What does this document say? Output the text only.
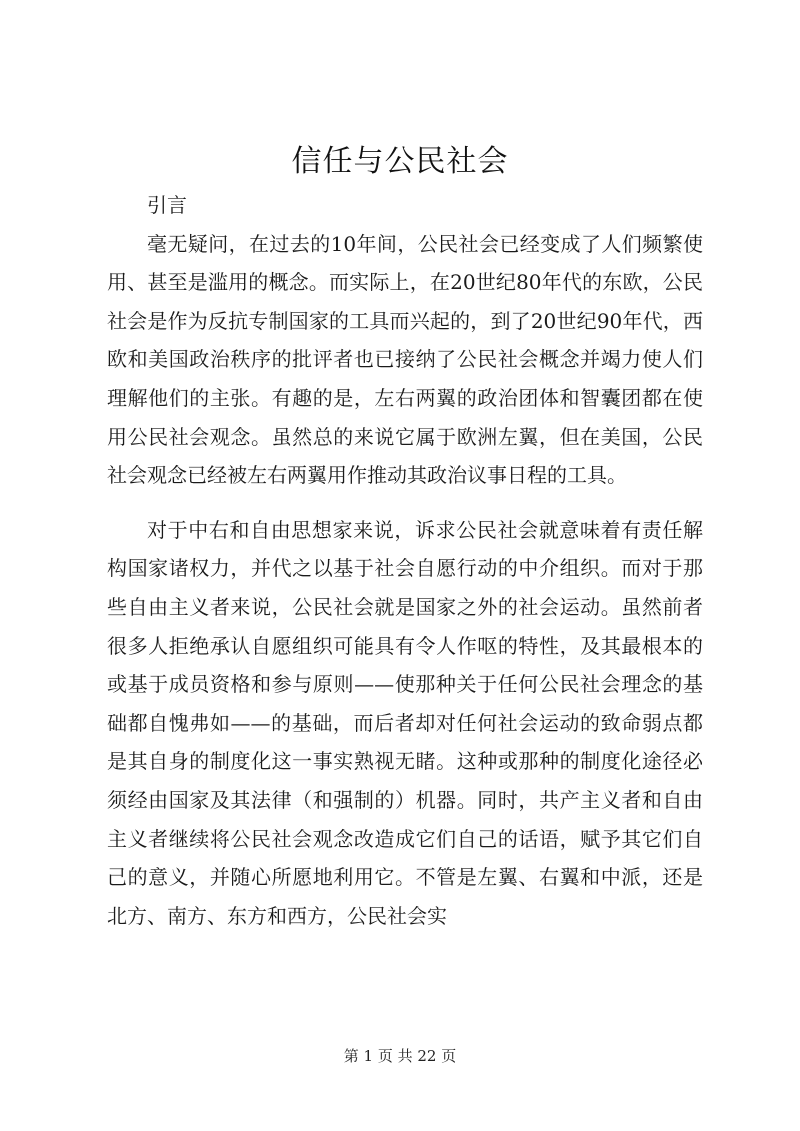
信任与公民社会

引言

毫无疑问，在过去的10年间，公民社会已经变成了人们频繁使用、甚至是滥用的概念。而实际上，在20世纪80年代的东欧，公民社会是作为反抗专制国家的工具而兴起的，到了20世纪90年代，西欧和美国政治秩序的批评者也已接纳了公民社会概念并竭力使人们理解他们的主张。有趣的是，左右两翼的政治团体和智囊团都在使用公民社会观念。虽然总的来说它属于欧洲左翼，但在美国，公民社会观念已经被左右两翼用作推动其政治议事日程的工具。

对于中右和自由思想家来说，诉求公民社会就意味着有责任解构国家诸权力，并代之以基于社会自愿行动的中介组织。而对于那些自由主义者来说，公民社会就是国家之外的社会运动。虽然前者很多人拒绝承认自愿组织可能具有令人作呕的特性，及其最根本的或基于成员资格和参与原则——使那种关于任何公民社会理念的基础都自愧弗如——的基础，而后者却对任何社会运动的致命弱点都是其自身的制度化这一事实熟视无睹。这种或那种的制度化途径必须经由国家及其法律（和强制的）机器。同时，共产主义者和自由主义者继续将公民社会观念改造成它们自己的话语，赋予其它们自己的意义，并随心所愿地利用它。不管是左翼、右翼和中派，还是北方、南方、东方和西方，公民社会实

第 1 页 共 22 页
